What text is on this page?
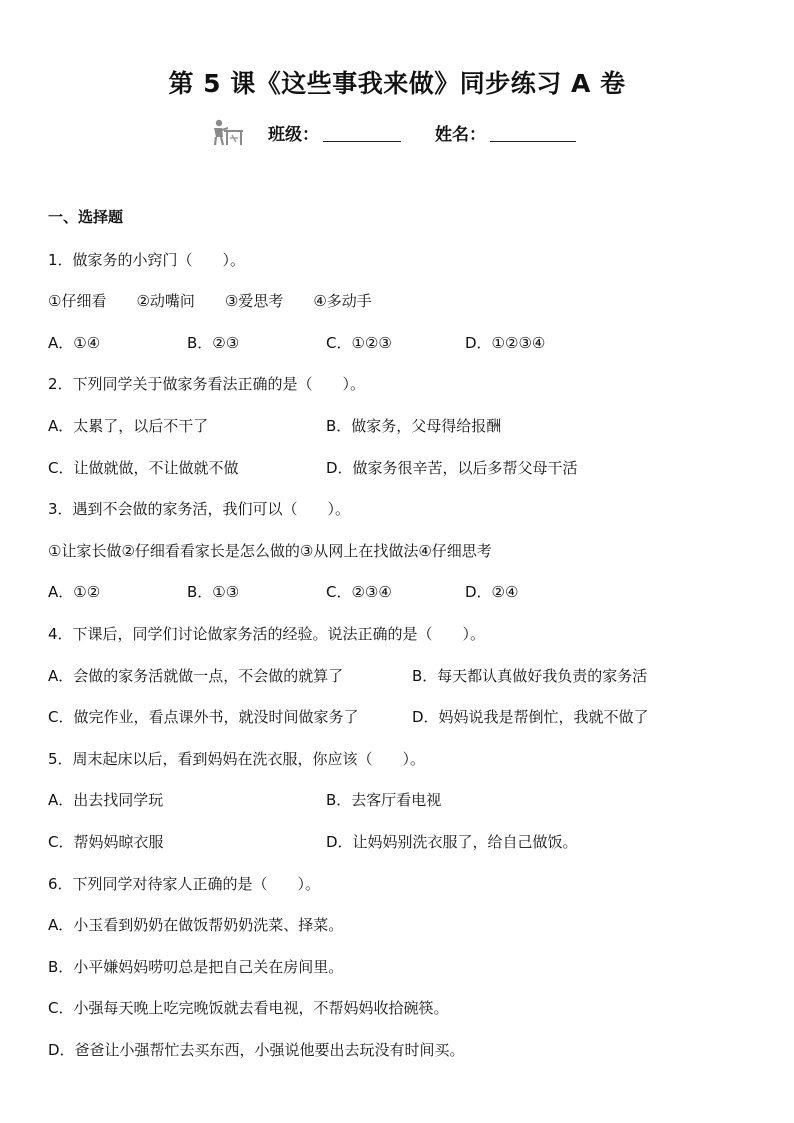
第 5 课《这些事我来做》同步练习 A 卷
班级：	姓名：
一、选择题
1．做家务的小窍门（　　）。
①仔细看　　②动嘴问　　③爱思考　　④多动手
A．①④	B．②③	C．①②③	D．①②③④
2．下列同学关于做家务看法正确的是（　　）。
A．太累了，以后不干了	B．做家务，父母得给报酬
C．让做就做，不让做就不做	D．做家务很辛苦，以后多帮父母干活
3．遇到不会做的家务活，我们可以（　　）。
①让家长做②仔细看看家长是怎么做的③从网上在找做法④仔细思考
A．①②	B．①③	C．②③④	D．②④
4．下课后，同学们讨论做家务活的经验。说法正确的是（　　）。
A．会做的家务活就做一点，不会做的就算了	B．每天都认真做好我负责的家务活
C．做完作业，看点课外书，就没时间做家务了	D．妈妈说我是帮倒忙，我就不做了
5．周末起床以后，看到妈妈在洗衣服，你应该（　　）。
A．出去找同学玩	B．去客厅看电视
C．帮妈妈晾衣服	D．让妈妈别洗衣服了，给自己做饭。
6．下列同学对待家人正确的是（　　）。
A．小玉看到奶奶在做饭帮奶奶洗菜、择菜。
B．小平嫌妈妈唠叨总是把自己关在房间里。
C．小强每天晚上吃完晚饭就去看电视，不帮妈妈收拾碗筷。
D．爸爸让小强帮忙去买东西，小强说他要出去玩没有时间买。
